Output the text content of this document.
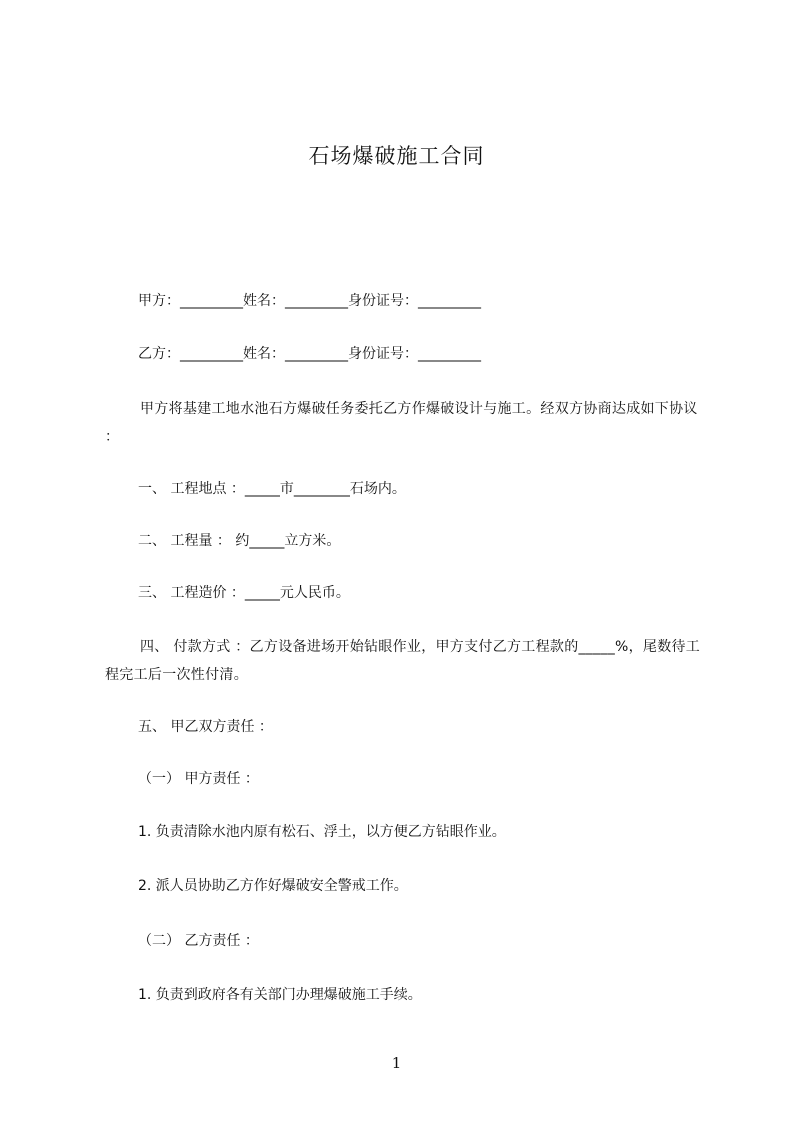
石场爆破施工合同

甲方：_________姓名：_________身份证号：_________

乙方：_________姓名：_________身份证号：_________

甲方将基建工地水池石方爆破任务委托乙方作爆破设计与施工。经双方协商达成如下协议 ：

一、 工程地点 ：_____市________石场内。

二、 工程量 ： 约_____立方米。

三、 工程造价 ：_____元人民币。

四、 付款方式 ：乙方设备进场开始钻眼作业，甲方支付乙方工程款的_____%，尾数待工程完工后一次性付清。

五、 甲乙双方责任 ：

（一） 甲方责任 ：

1. 负责清除水池内原有松石、浮土，以方便乙方钻眼作业。

2. 派人员协助乙方作好爆破安全警戒工作。

（二） 乙方责任 ：

1. 负责到政府各有关部门办理爆破施工手续。

1
